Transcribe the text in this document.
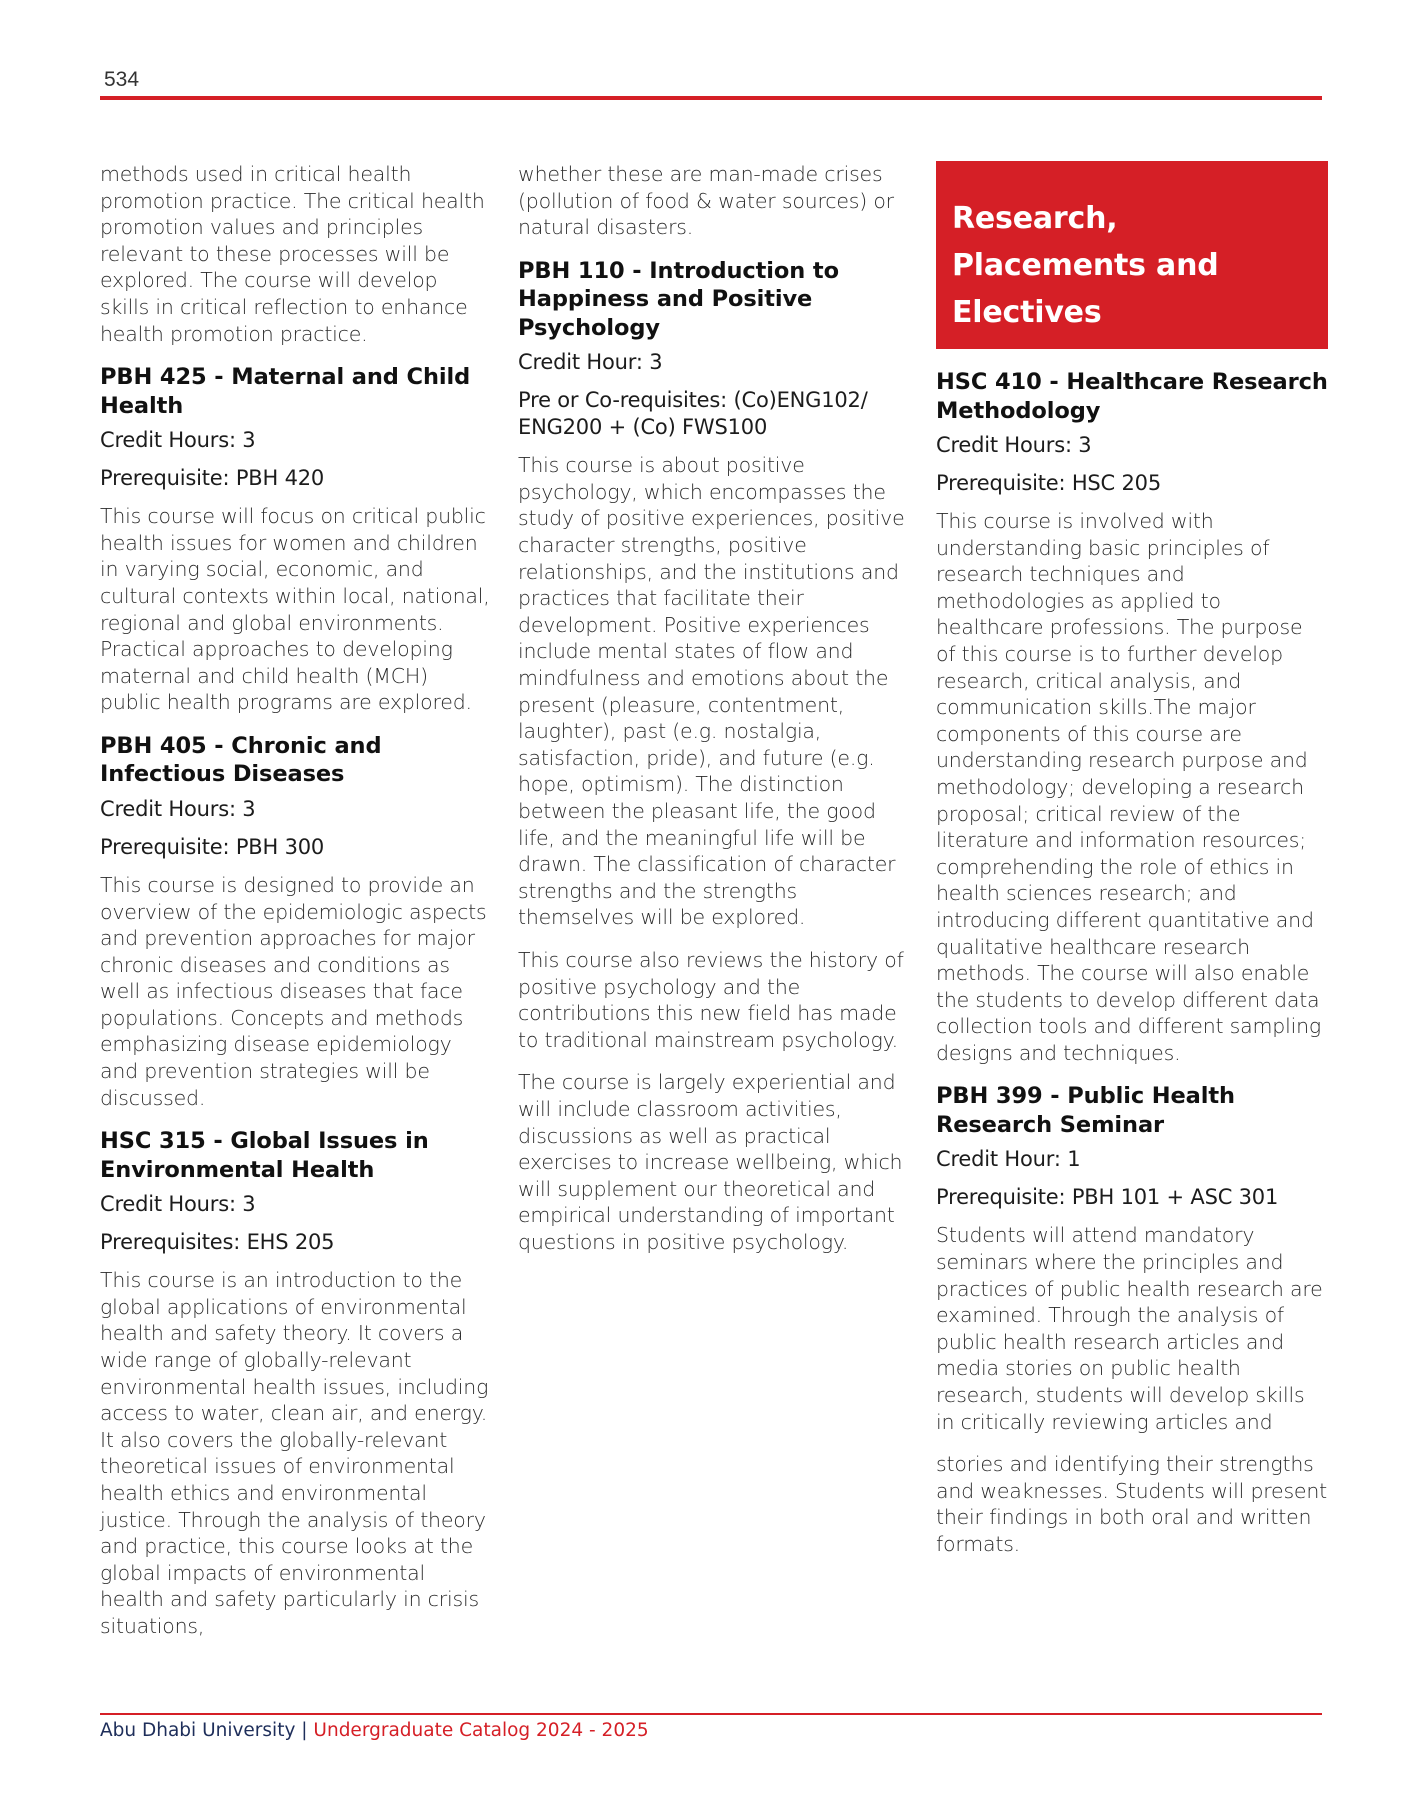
534

methods used in critical health promotion practice. The critical health promotion values and principles relevant to these processes will be explored. The course will develop skills in critical reflection to enhance health promotion practice.

PBH 425 - Maternal and Child Health

Credit Hours: 3

Prerequisite: PBH 420

This course will focus on critical public health issues for women and children in varying social, economic, and cultural contexts within local, national, regional and global environments. Practical approaches to developing maternal and child health (MCH) public health programs are explored.

PBH 405 - Chronic and Infectious Diseases

Credit Hours: 3

Prerequisite: PBH 300

This course is designed to provide an overview of the epidemiologic aspects and prevention approaches for major chronic diseases and conditions as well as infectious diseases that face populations. Concepts and methods emphasizing disease epidemiology and prevention strategies will be discussed.

HSC 315 - Global Issues in Environmental Health

Credit Hours: 3

Prerequisites: EHS 205

This course is an introduction to the global applications of environmental health and safety theory. It covers a wide range of globally-relevant environmental health issues, including access to water, clean air, and energy. It also covers the globally-relevant theoretical issues of environmental health ethics and environmental justice. Through the analysis of theory and practice, this course looks at the global impacts of environmental health and safety particularly in crisis situations,

whether these are man-made crises (pollution of food & water sources) or natural disasters.

PBH 110 - Introduction to Happiness and Positive Psychology

Credit Hour: 3

Pre or Co-requisites: (Co)ENG102/ ENG200 + (Co) FWS100

This course is about positive psychology, which encompasses the study of positive experiences, positive character strengths, positive relationships, and the institutions and practices that facilitate their development. Positive experiences include mental states of flow and mindfulness and emotions about the present (pleasure, contentment, laughter), past (e.g. nostalgia, satisfaction, pride), and future (e.g. hope, optimism). The distinction between the pleasant life, the good life, and the meaningful life will be drawn. The classification of character strengths and the strengths themselves will be explored.

This course also reviews the history of positive psychology and the contributions this new field has made to traditional mainstream psychology.

The course is largely experiential and will include classroom activities, discussions as well as practical exercises to increase wellbeing, which will supplement our theoretical and empirical understanding of important questions in positive psychology.

Research, Placements and Electives
HSC 410 - Healthcare Research Methodology

Credit Hours: 3

Prerequisite: HSC 205

This course is involved with understanding basic principles of research techniques and methodologies as applied to healthcare professions. The purpose of this course is to further develop research, critical analysis, and communication skills.The major components of this course are understanding research purpose and methodology; developing a research proposal; critical review of the literature and information resources; comprehending the role of ethics in health sciences research; and introducing different quantitative and qualitative healthcare research methods. The course will also enable the students to develop different data collection tools and different sampling designs and techniques.

PBH 399 - Public Health Research Seminar

Credit Hour: 1

Prerequisite: PBH 101 + ASC 301

Students will attend mandatory seminars where the principles and practices of public health research are examined. Through the analysis of public health research articles and media stories on public health research, students will develop skills in critically reviewing articles and

stories and identifying their strengths and weaknesses. Students will present their findings in both oral and written formats.

Abu Dhabi University | Undergraduate Catalog 2024 - 2025
